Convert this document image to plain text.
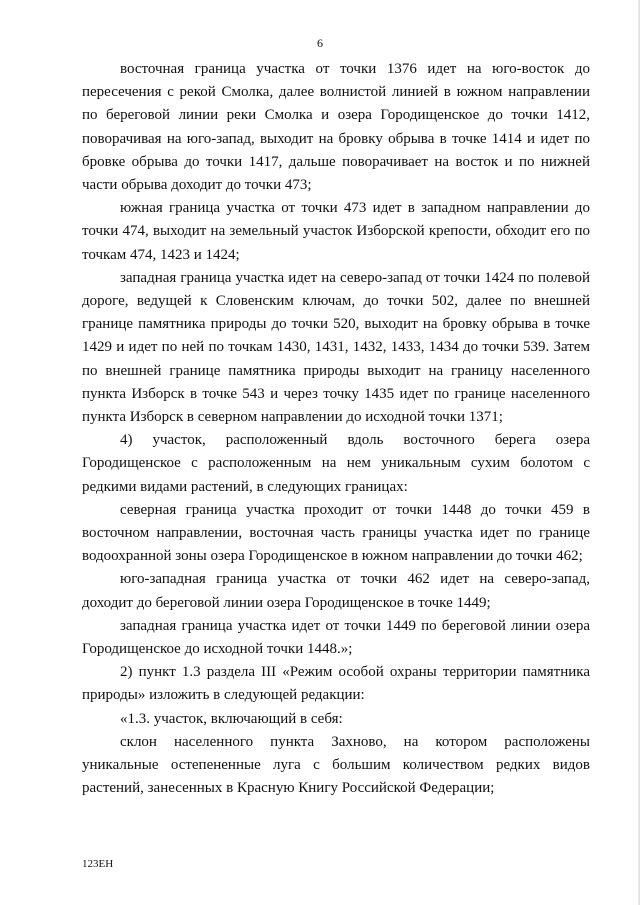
6

восточная граница участка от точки 1376 идет на юго-восток до пересечения с рекой Смолка, далее волнистой линией в южном направлении по береговой линии реки Смолка и озера Городищенское до точки 1412, поворачивая на юго-запад, выходит на бровку обрыва в точке 1414 и идет по бровке обрыва до точки 1417, дальше поворачивает на восток и по нижней части обрыва доходит до точки 473;

южная граница участка от точки 473 идет в западном направлении до точки 474, выходит на земельный участок Изборской крепости, обходит его по точкам 474, 1423 и 1424;

западная граница участка идет на северо-запад от точки 1424 по полевой дороге, ведущей к Словенским ключам, до точки 502, далее по внешней границе памятника природы до точки 520, выходит на бровку обрыва в точке 1429 и идет по ней по точкам 1430, 1431, 1432, 1433, 1434 до точки 539. Затем по внешней границе памятника природы выходит на границу населенного пункта Изборск в точке 543 и через точку 1435 идет по границе населенного пункта Изборск в северном направлении до исходной точки 1371;

4) участок, расположенный вдоль восточного берега озера Городищенское с расположенным на нем уникальным сухим болотом с редкими видами растений, в следующих границах:

северная граница участка проходит от точки 1448 до точки 459 в восточном направлении, восточная часть границы участка идет по границе водоохранной зоны озера Городищенское в южном направлении до точки 462;

юго-западная граница участка от точки 462 идет на северо-запад, доходит до береговой линии озера Городищенское в точке 1449;

западная граница участка идет от точки 1449 по береговой линии озера Городищенское до исходной точки 1448.»;

2) пункт 1.3 раздела III «Режим особой охраны территории памятника природы» изложить в следующей редакции:

«1.3. участок, включающий в себя:

склон населенного пункта Захново, на котором расположены уникальные остепененные луга с большим количеством редких видов растений, занесенных в Красную Книгу Российской Федерации;

123ЕН
